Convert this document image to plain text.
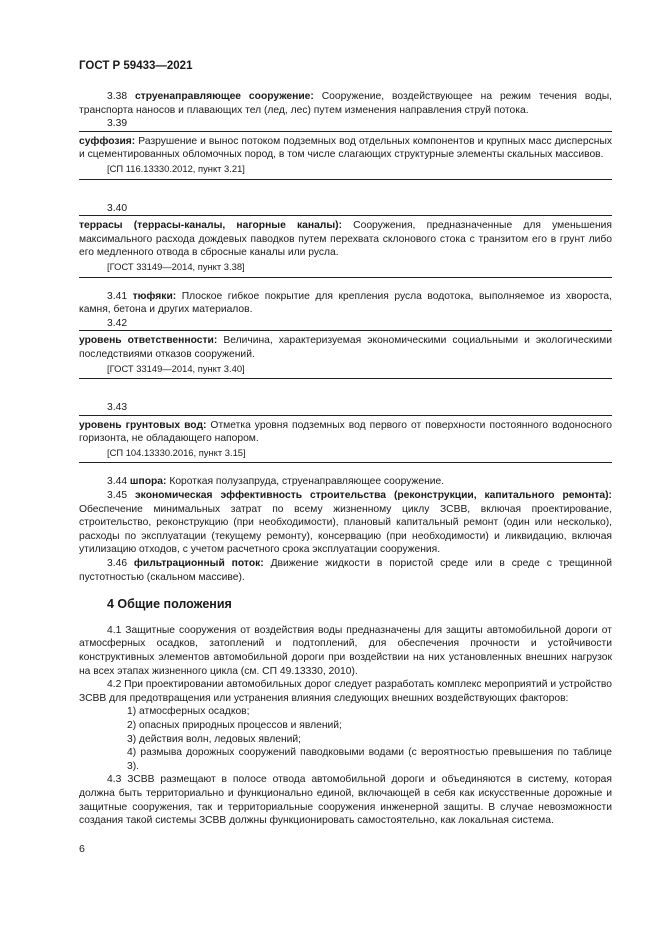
ГОСТ Р 59433—2021

3.38 струенаправляющее сооружение: Сооружение, воздействующее на режим течения воды, транспорта наносов и плавающих тел (лед, лес) путем изменения направления струй потока.

3.39

суффозия: Разрушение и вынос потоком подземных вод отдельных компонентов и крупных масс дисперсных и сцементированных обломочных пород, в том числе слагающих структурные элементы скальных массивов.

[СП 116.13330.2012, пункт 3.21]

3.40

террасы (террасы-каналы, нагорные каналы): Сооружения, предназначенные для уменьшения максимального расхода дождевых паводков путем перехвата склонового стока с транзитом его в грунт либо его медленного отвода в сбросные каналы или русла.

[ГОСТ 33149—2014, пункт 3.38]

3.41 тюфяки: Плоское гибкое покрытие для крепления русла водотока, выполняемое из хвороста, камня, бетона и других материалов.

3.42

уровень ответственности: Величина, характеризуемая экономическими социальными и экологическими последствиями отказов сооружений.

[ГОСТ 33149—2014, пункт 3.40]

3.43

уровень грунтовых вод: Отметка уровня подземных вод первого от поверхности постоянного водоносного горизонта, не обладающего напором.

[СП 104.13330.2016, пункт 3.15]

3.44 шпора: Короткая полузапруда, струенаправляющее сооружение.

3.45 экономическая эффективность строительства (реконструкции, капитального ремонта): Обеспечение минимальных затрат по всему жизненному циклу ЗСВВ, включая проектирование, строительство, реконструкцию (при необходимости), плановый капитальный ремонт (один или несколько), расходы по эксплуатации (текущему ремонту), консервацию (при необходимости) и ликвидацию, включая утилизацию отходов, с учетом расчетного срока эксплуатации сооружения.

3.46 фильтрационный поток: Движение жидкости в пористой среде или в среде с трещинной пустотностью (скальном массиве).

4 Общие положения

4.1 Защитные сооружения от воздействия воды предназначены для защиты автомобильной дороги от атмосферных осадков, затоплений и подтоплений, для обеспечения прочности и устойчивости конструктивных элементов автомобильной дороги при воздействии на них установленных внешних нагрузок на всех этапах жизненного цикла (см. СП 49.13330, 2010).

4.2 При проектировании автомобильных дорог следует разработать комплекс мероприятий и устройство ЗСВВ для предотвращения или устранения влияния следующих внешних воздействующих факторов:

1) атмосферных осадков;

2) опасных природных процессов и явлений;

3) действия волн, ледовых явлений;

4) размыва дорожных сооружений паводковыми водами (с вероятностью превышения по таблице 3).

4.3 ЗСВВ размещают в полосе отвода автомобильной дороги и объединяются в систему, которая должна быть территориально и функционально единой, включающей в себя как искусственные дорожные и защитные сооружения, так и территориальные сооружения инженерной защиты. В случае невозможности создания такой системы ЗСВВ должны функционировать самостоятельно, как локальная система.

6
